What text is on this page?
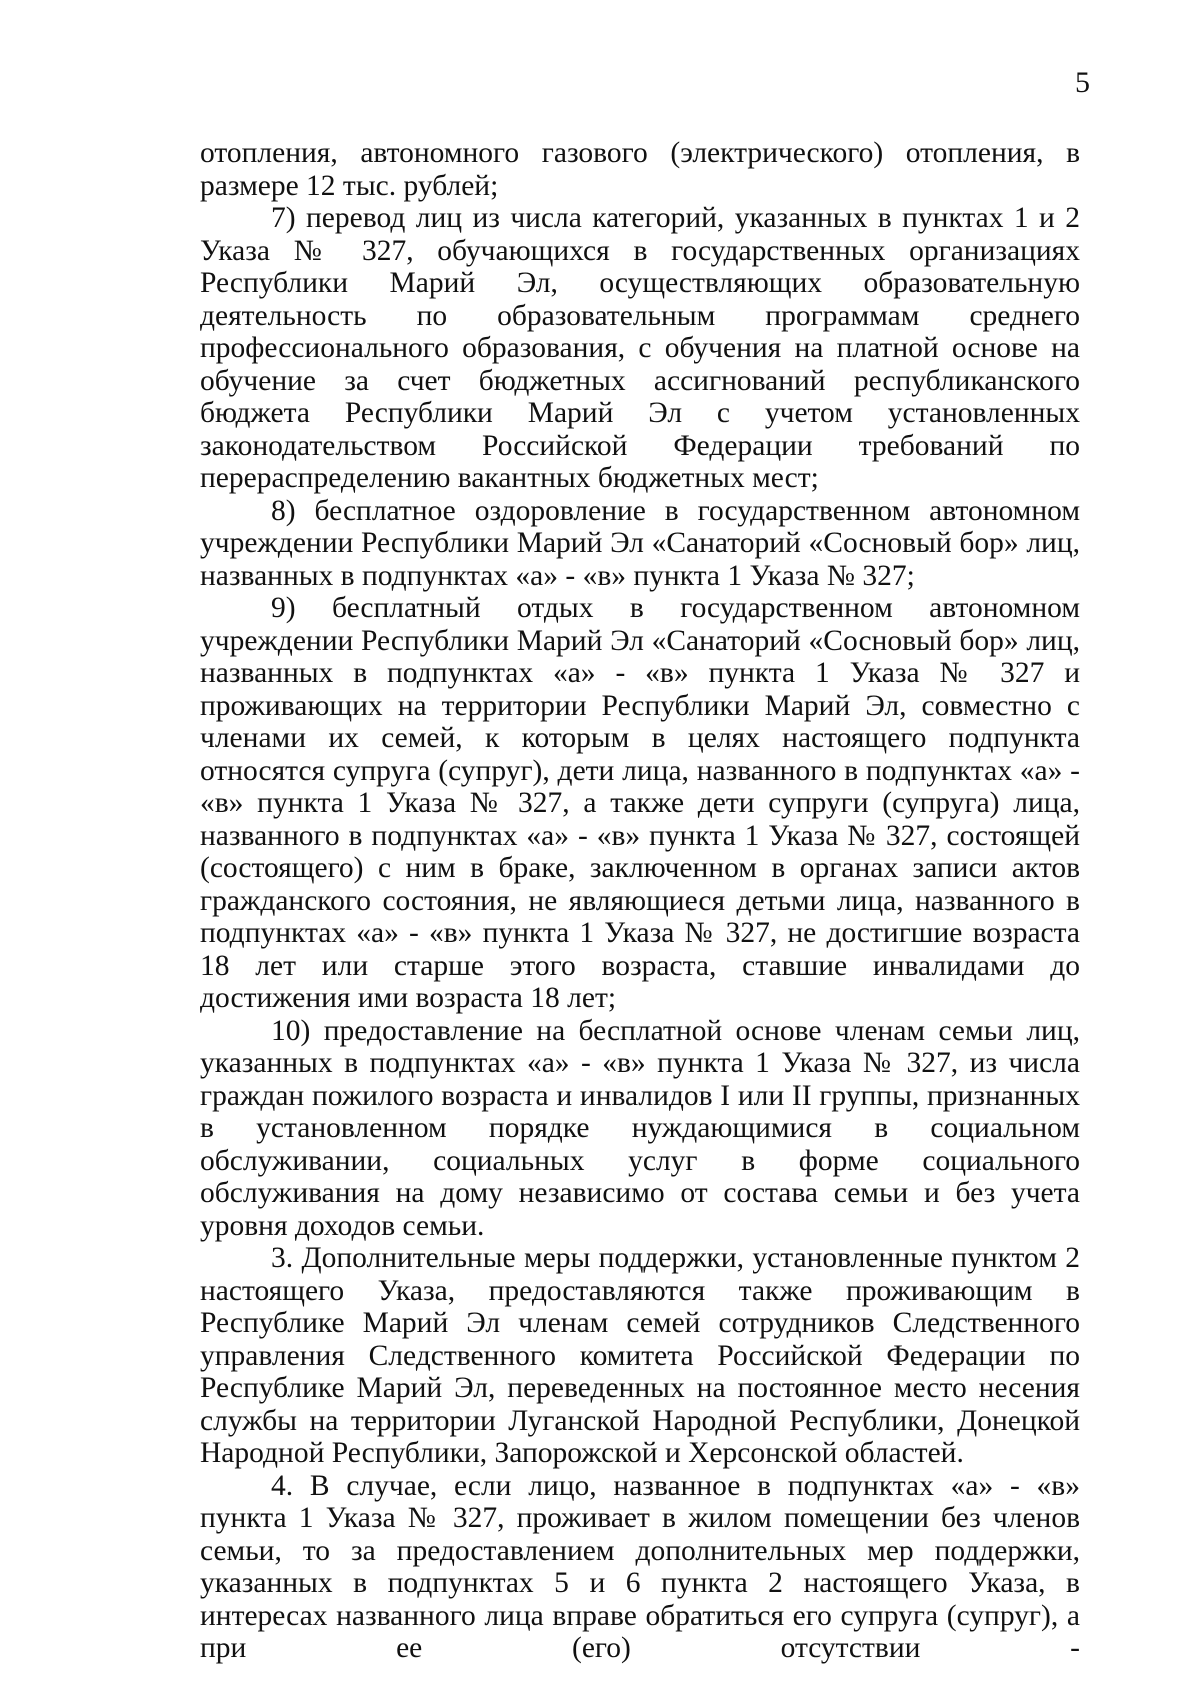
5

отопления, автономного газового (электрического) отопления, в размере 12 тыс. рублей;

7) перевод лиц из числа категорий, указанных в пунктах 1 и 2 Указа № 327, обучающихся в государственных организациях Республики Марий Эл, осуществляющих образовательную деятельность по образовательным программам среднего профессионального образования, с обучения на платной основе на обучение за счет бюджетных ассигнований республиканского бюджета Республики Марий Эл с учетом установленных законодательством Российской Федерации требований по перераспределению вакантных бюджетных мест;

8) бесплатное оздоровление в государственном автономном учреждении Республики Марий Эл «Санаторий «Сосновый бор» лиц, названных в подпунктах «а» - «в» пункта 1 Указа № 327;

9) бесплатный отдых в государственном автономном учреждении Республики Марий Эл «Санаторий «Сосновый бор» лиц, названных в подпунктах «а» - «в» пункта 1 Указа № 327 и проживающих на территории Республики Марий Эл, совместно с членами их семей, к которым в целях настоящего подпункта относятся супруга (супруг), дети лица, названного в подпунктах «а» - «в» пункта 1 Указа № 327, а также дети супруги (супруга) лица, названного в подпунктах «а» - «в» пункта 1 Указа № 327, состоящей (состоящего) с ним в браке, заключенном в органах записи актов гражданского состояния, не являющиеся детьми лица, названного в подпунктах «а» - «в» пункта 1 Указа № 327, не достигшие возраста 18 лет или старше этого возраста, ставшие инвалидами до достижения ими возраста 18 лет;

10) предоставление на бесплатной основе членам семьи лиц, указанных в подпунктах «а» - «в» пункта 1 Указа № 327, из числа граждан пожилого возраста и инвалидов I или II группы, признанных в установленном порядке нуждающимися в социальном обслуживании, социальных услуг в форме социального обслуживания на дому независимо от состава семьи и без учета уровня доходов семьи.

3. Дополнительные меры поддержки, установленные пунктом 2 настоящего Указа, предоставляются также проживающим в Республике Марий Эл членам семей сотрудников Следственного управления Следственного комитета Российской Федерации по Республике Марий Эл, переведенных на постоянное место несения службы на территории Луганской Народной Республики, Донецкой Народной Республики, Запорожской и Херсонской областей.

4. В случае, если лицо, названное в подпунктах «а» - «в» пункта 1 Указа № 327, проживает в жилом помещении без членов семьи, то за предоставлением дополнительных мер поддержки, указанных в подпунктах 5 и 6 пункта 2 настоящего Указа, в интересах названного лица вправе обратиться его супруга (супруг), а при ее (его) отсутствии -
